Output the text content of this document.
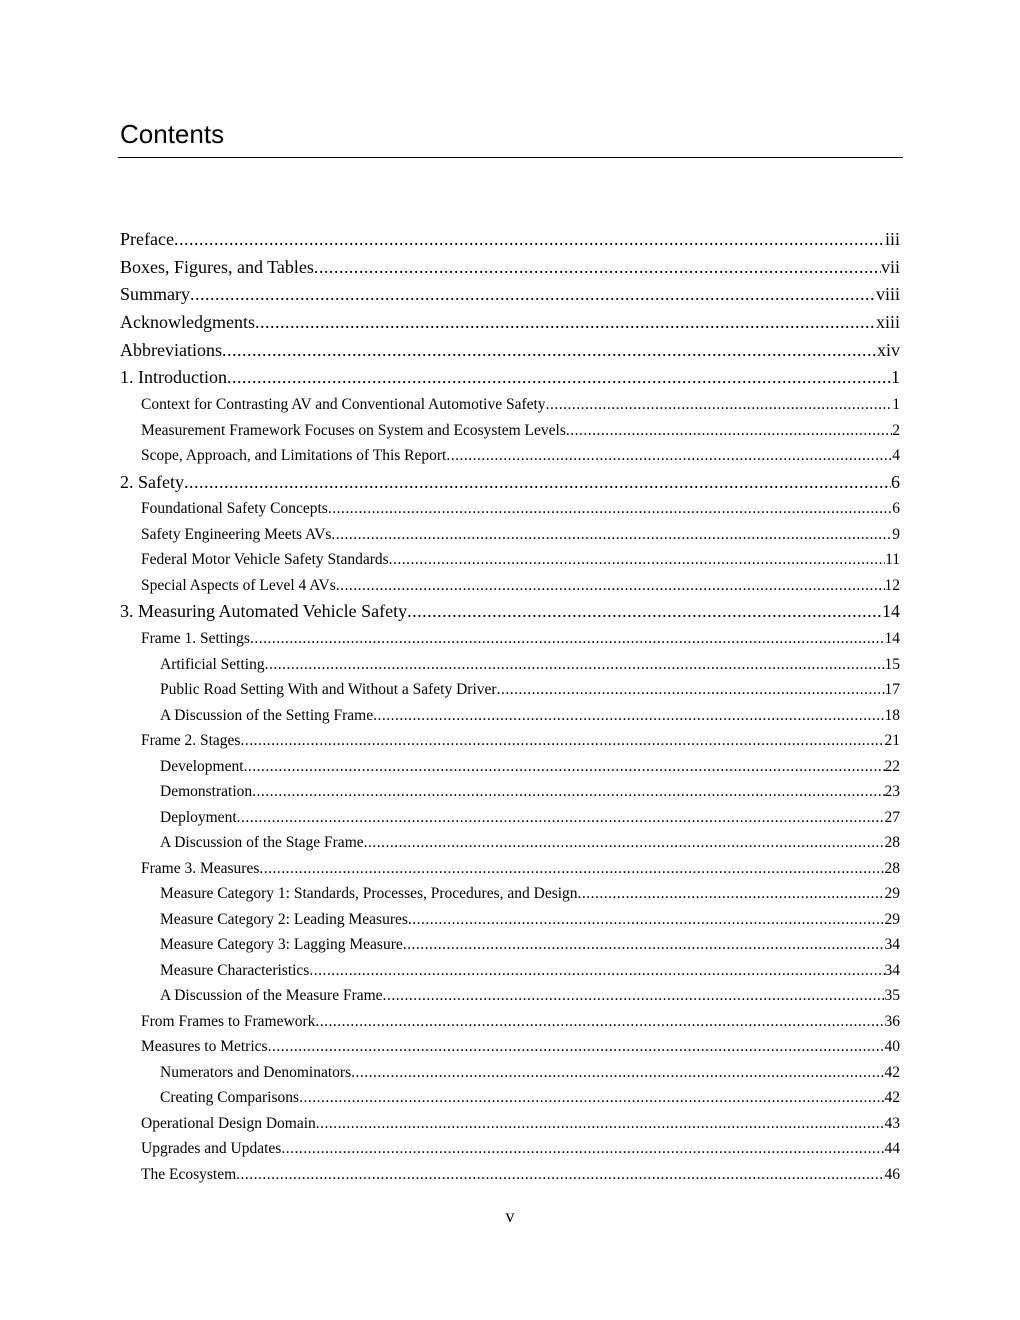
Contents
Preface .....	iii
Boxes, Figures, and Tables .....	vii
Summary .....	viii
Acknowledgments .....	xiii
Abbreviations .....	xiv
1. Introduction .....	1
Context for Contrasting AV and Conventional Automotive Safety .....	1
Measurement Framework Focuses on System and Ecosystem Levels .....	2
Scope, Approach, and Limitations of This Report .....	4
2. Safety .....	6
Foundational Safety Concepts .....	6
Safety Engineering Meets AVs .....	9
Federal Motor Vehicle Safety Standards .....	11
Special Aspects of Level 4 AVs .....	12
3. Measuring Automated Vehicle Safety .....	14
Frame 1. Settings .....	14
Artificial Setting .....	15
Public Road Setting With and Without a Safety Driver .....	17
A Discussion of the Setting Frame .....	18
Frame 2. Stages .....	21
Development .....	22
Demonstration .....	23
Deployment .....	27
A Discussion of the Stage Frame .....	28
Frame 3. Measures .....	28
Measure Category 1: Standards, Processes, Procedures, and Design .....	29
Measure Category 2: Leading Measures .....	29
Measure Category 3: Lagging Measure .....	34
Measure Characteristics .....	34
A Discussion of the Measure Frame .....	35
From Frames to Framework .....	36
Measures to Metrics .....	40
Numerators and Denominators .....	42
Creating Comparisons .....	42
Operational Design Domain .....	43
Upgrades and Updates .....	44
The Ecosystem .....	46
v
